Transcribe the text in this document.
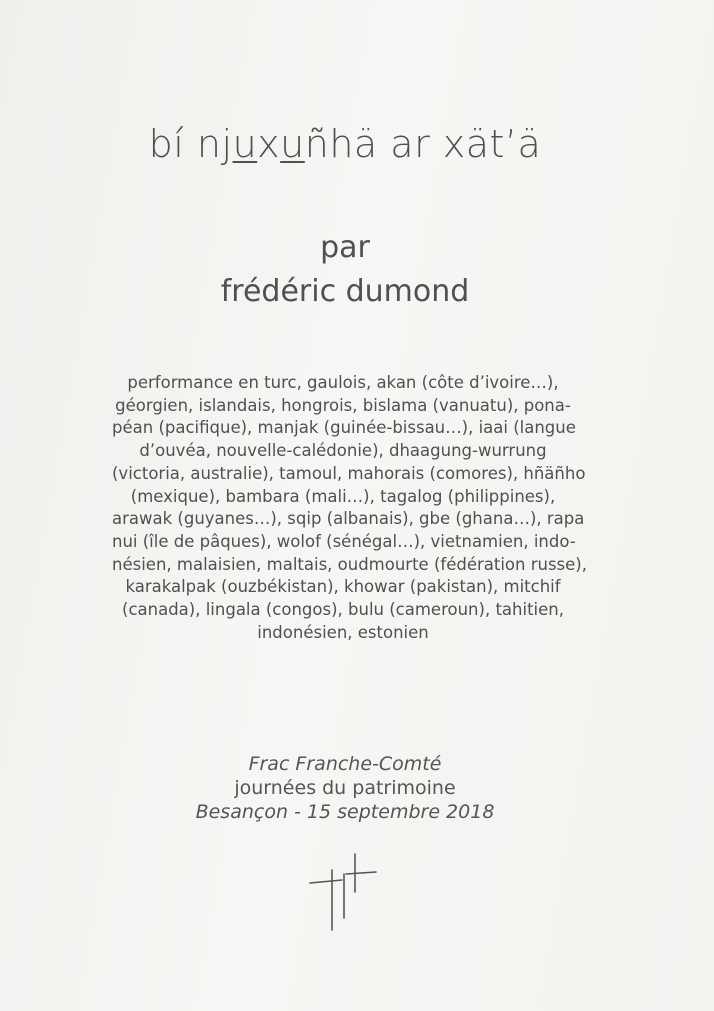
bí njuxuñhä ar xät’ä
par
frédéric dumond
performance en turc, gaulois, akan (côte d’ivoire…),
géorgien, islandais, hongrois, bislama (vanuatu), pona-
péan (pacifique), manjak (guinée-bissau…), iaai (langue
d’ouvéa, nouvelle-calédonie), dhaagung-wurrung
(victoria, australie), tamoul, mahorais (comores), hñäñho
(mexique), bambara (mali…), tagalog (philippines),
arawak (guyanes…), sqip (albanais), gbe (ghana…), rapa
nui (île de pâques), wolof (sénégal…), vietnamien, indo-
nésien, malaisien, maltais, oudmourte (fédération russe),
karakalpak (ouzbékistan), khowar (pakistan), mitchif
(canada), lingala (congos), bulu (cameroun), tahitien,
indonésien, estonien
Frac Franche-Comté
journées du patrimoine
Besançon - 15 septembre 2018
